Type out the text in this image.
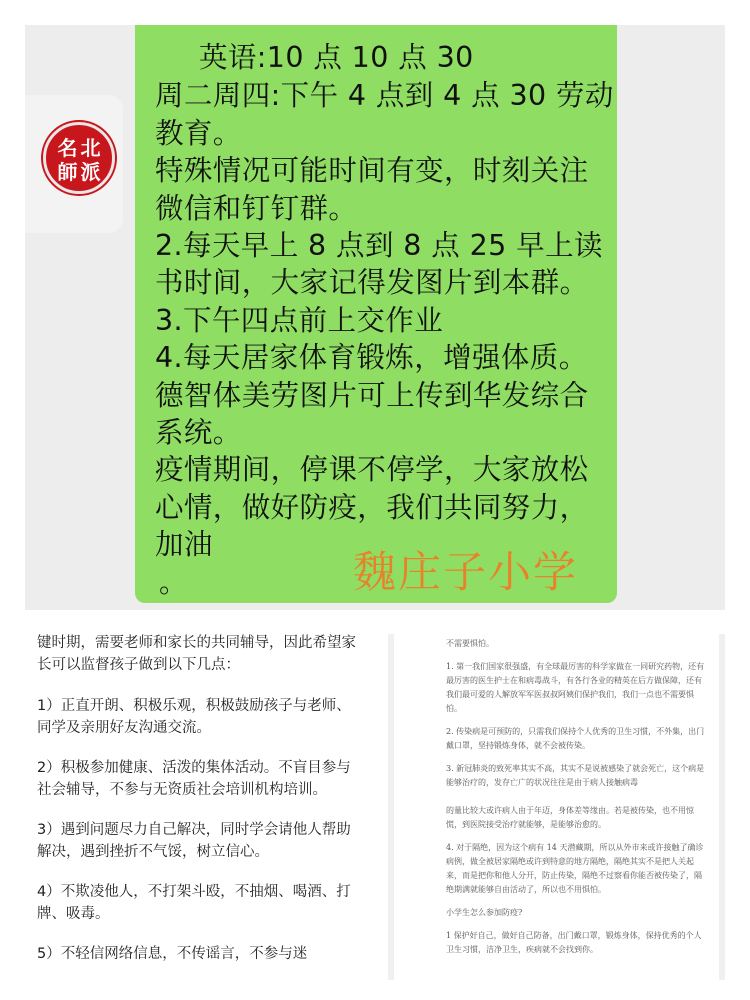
名 北
師 派
英语:10 点 10 点 30
周二周四:下午 4 点到 4 点 30 劳动
教育。
特殊情况可能时间有变，时刻关注
微信和钉钉群。
2.每天早上 8 点到 8 点 25 早上读
书时间，大家记得发图片到本群。
3.下午四点前上交作业
4.每天居家体育锻炼，增强体质。
德智体美劳图片可上传到华发综合
系统。
疫情期间，停课不停学，大家放松
心情，做好防疫，我们共同努力，
加油
。	魏庄子小学

键时期，需要老师和家长的共同辅导，因此希望家长可以监督孩子做到以下几点：

1）正直开朗、积极乐观，积极鼓励孩子与老师、同学及亲朋好友沟通交流。

2）积极参加健康、活泼的集体活动。不盲目参与社会辅导，不参与无资质社会培训机构培训。

3）遇到问题尽力自己解决，同时学会请他人帮助解决，遇到挫折不气馁，树立信心。

4）不欺凌他人，不打架斗殴，不抽烟、喝酒、打牌、吸毒。

5）不轻信网络信息，不传谣言，不参与迷

不需要惧怕。

1. 第一我们国家很强盛，有全球最厉害的科学家做在一同研究药物，还有最厉害的医生护士在和病毒战斗，有各行各业的精英在后方做保障，还有我们最可爱的人解放军军医叔叔阿姨们保护我们，我们一点也不需要惧怕。

2. 传染病是可预防的，只需我们保持个人优秀的卫生习惯，不外集，出门戴口罩，坚持锻炼身体，就不会被传染。

3. 新冠肺炎的致死率其实不高，其实不是说被感染了就会死亡，这个病是能够治疗的，发存亡广的状况往往是由于病人接触病毒

的量比较大或许病人由于年迈，身体差等缘由。若是被传染，也不用惊慌，到医院接受治疗就能够，是能够治愈的。

4. 对于隔绝，因为这个病有 14 天潜藏期，所以从外市来或许接触了确诊病例，做全被居家隔绝或许到特意的地方隔绝，隔绝其实不是把人关起来，而是把你和他人分开，防止传染，隔绝不过察看你能否被传染了，隔绝期满就能够自由活动了，所以也不用惧怕。

小学生怎么参加防疫?

1 保护好自己，做好自己防备，出门戴口罩，锻炼身体，保持优秀的个人卫生习惯，洁净卫生，疾病就不会找到你。
